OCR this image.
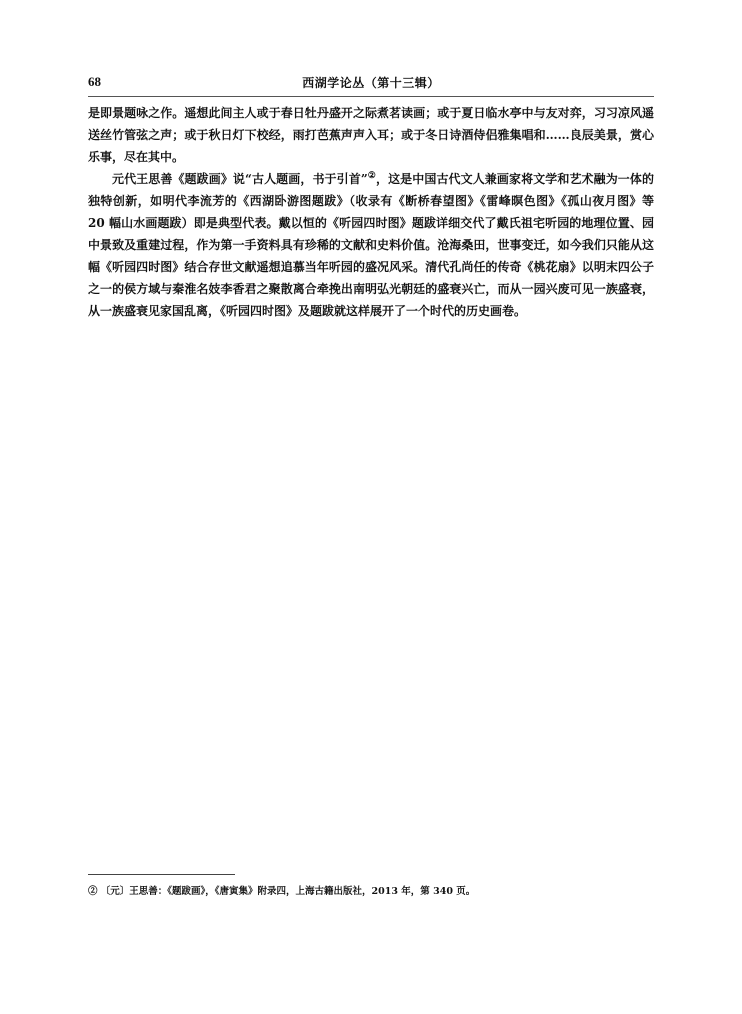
68	西湖学论丛（第十三辑）

是即景题咏之作。遥想此间主人或于春日牡丹盛开之际煮茗读画；或于夏日临水亭中与友对弈，习习凉风遥送丝竹管弦之声；或于秋日灯下校经，雨打芭蕉声声入耳；或于冬日诗酒侍侣雅集唱和……良辰美景，赏心乐事，尽在其中。

元代王思善《题跋画》说“古人题画，书于引首”②，这是中国古代文人兼画家将文学和艺术融为一体的独特创新，如明代李流芳的《西湖卧游图题跋》（收录有《断桥春望图》《雷峰暝色图》《孤山夜月图》等 20 幅山水画题跋）即是典型代表。戴以恒的《听园四时图》题跋详细交代了戴氏祖宅听园的地理位置、园中景致及重建过程，作为第一手资料具有珍稀的文献和史料价值。沧海桑田，世事变迁，如今我们只能从这幅《听园四时图》结合存世文献遥想追慕当年听园的盛况风采。清代孔尚任的传奇《桃花扇》以明末四公子之一的侯方域与秦淮名妓李香君之聚散离合牵挽出南明弘光朝廷的盛衰兴亡，而从一园兴废可见一族盛衰，从一族盛衰见家国乱离，《听园四时图》及题跋就这样展开了一个时代的历史画卷。

② 〔元〕王思善：《题跋画》，《唐寅集》附录四，上海古籍出版社，2013 年，第 340 页。
